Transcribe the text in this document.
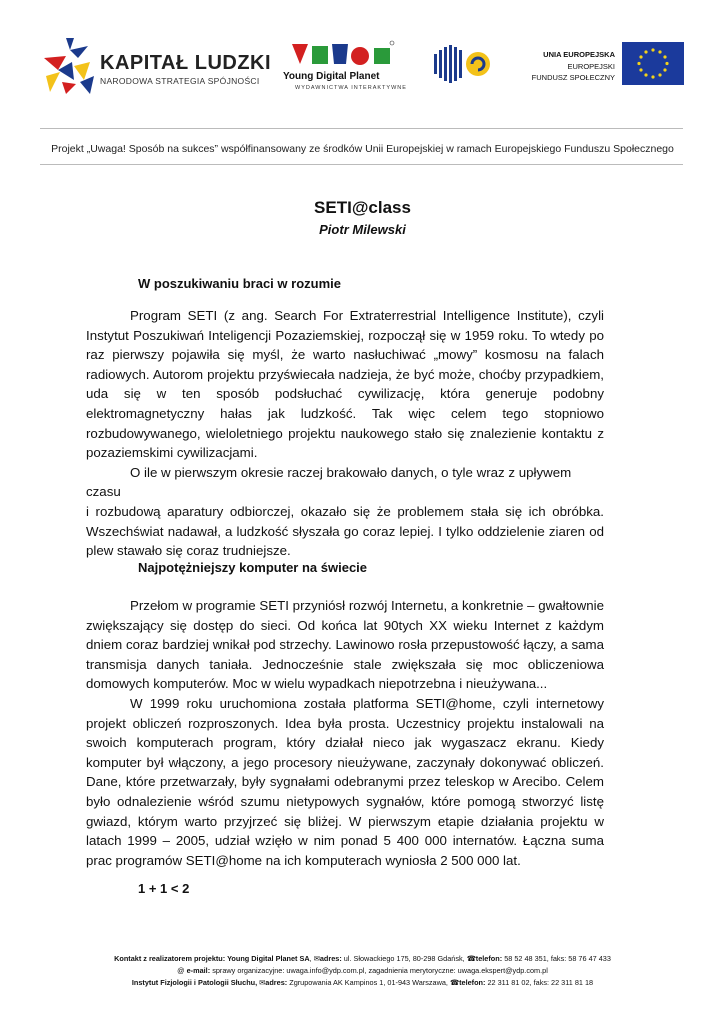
KAPITAŁ LUDZKI
NARODOWA STRATEGIA SPÓJNOŚCI Young Digital Planet
WYDAWNICTWA INTERAKTYWNE
UNIA EUROPEJSKA
EUROPEJSKI
FUNDUSZ SPOŁECZNY
Projekt „Uwaga! Sposób na sukces” współfinansowany ze środków Unii Europejskiej w ramach Europejskiego Funduszu Społecznego
SETI@class
Piotr Milewski
W poszukiwaniu braci w rozumie

Program SETI (z ang. Search For Extraterrestrial Intelligence Institute), czyli Instytut Poszukiwań Inteligencji Pozaziemskiej, rozpoczął się w 1959 roku. To wtedy po raz pierwszy pojawiła się myśl, że warto nasłuchiwać „mowy” kosmosu na falach radiowych. Autorom projektu przyświecała nadzieja, że być może, choćby przypadkiem, uda się w ten sposób podsłuchać cywilizację, która generuje podobny elektromagnetyczny hałas jak ludzkość. Tak więc celem tego stopniowo rozbudowywanego, wieloletniego projektu naukowego stało się znalezienie kontaktu z pozaziemskimi cywilizacjami.

O ile w pierwszym okresie raczej brakowało danych, o tyle wraz z upływem

czasu

i rozbudową aparatury odbiorczej, okazało się że problemem stała się ich obróbka. Wszechświat nadawał, a ludzkość słyszała go coraz lepiej. I tylko oddzielenie ziaren od plew stawało się coraz trudniejsze.

Najpotężniejszy komputer na świecie

Przełom w programie SETI przyniósł rozwój Internetu, a konkretnie – gwałtownie zwiększający się dostęp do sieci. Od końca lat 90tych XX wieku Internet z każdym dniem coraz bardziej wnikał pod strzechy. Lawinowo rosła przepustowość łączy, a sama transmisja danych taniała. Jednocześnie stale zwiększała się moc obliczeniowa domowych komputerów. Moc w wielu wypadkach niepotrzebna i nieużywana...

W 1999 roku uruchomiona została platforma SETI@home, czyli internetowy projekt obliczeń rozproszonych. Idea była prosta. Uczestnicy projektu instalowali na swoich komputerach program, który działał nieco jak wygaszacz ekranu. Kiedy komputer był włączony, a jego procesory nieużywane, zaczynały dokonywać obliczeń. Dane, które przetwarzały, były sygnałami odebranymi przez teleskop w Arecibo. Celem było odnalezienie wśród szumu nietypowych sygnałów, które pomogą stworzyć listę gwiazd, którym warto przyjrzeć się bliżej. W pierwszym etapie działania projektu w latach 1999 – 2005, udział wzięło w nim ponad 5 400 000 internatów. Łączna suma prac programów SETI@home na ich komputerach wyniosła 2 500 000 lat.

1 + 1 < 2
Kontakt z realizatorem projektu: Young Digital Planet SA, ✉adres: ul. Słowackiego 175, 80-298 Gdańsk, ☎telefon: 58 52 48 351, faks: 58 76 47 433
@ e-mail: sprawy organizacyjne: uwaga.info@ydp.com.pl, zagadnienia merytoryczne: uwaga.ekspert@ydp.com.pl
Instytut Fizjologii i Patologii Słuchu, ✉adres: Zgrupowania AK Kampinos 1, 01-943 Warszawa, ☎telefon: 22 311 81 02, faks: 22 311 81 18
